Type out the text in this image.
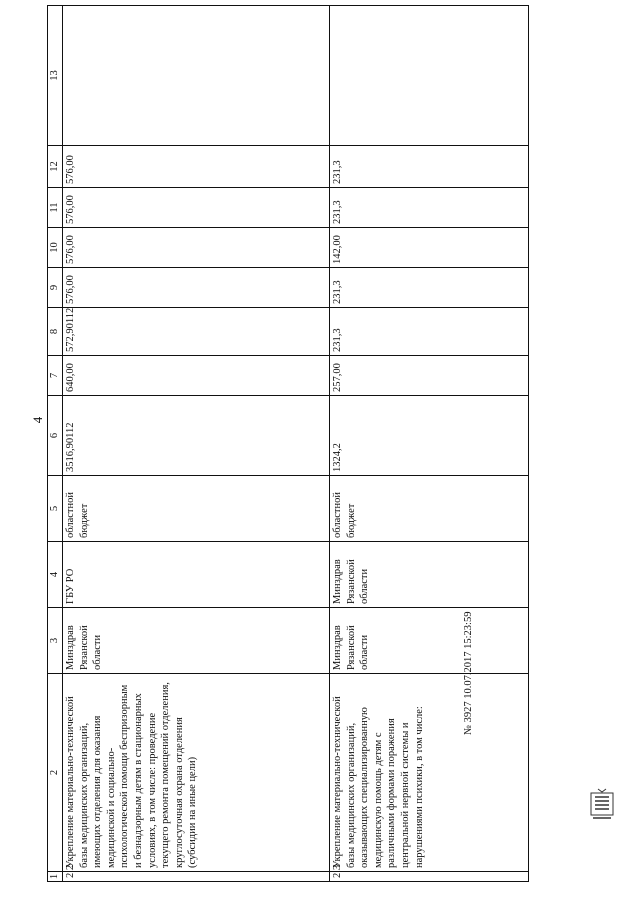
4
1	2	3	4	5	6	7	8	9	10	11	12	13
2.2	Укрепление материально-технической базы медицинских организаций, имеющих отделения для оказания медицинской и социально-психологической помощи беспризорным и безнадзорным детям в стационарных условиях, в том числе: проведение текущего ремонта помещений отделения, круглосуточная охрана отделения (субсидии на иные цели)	Минздрав Рязанской области	ГБУ РО	областной бюджет	3516,90112	640,00	572,90112	576,00	576,00	576,00	576,00	
2.3	Укрепление материально-технической базы медицинских организаций, оказывающих специализированную медицинскую помощь детям с различными формами поражения центральной нервной системы и нарушениями психики, в том числе:	Минздрав Рязанской области	Минздрав Рязанской области	областной бюджет	1324,2	257,00	231,3	231,3	142,00	231,3	231,3	
№ 3927 10.07.2017 15:23:59
